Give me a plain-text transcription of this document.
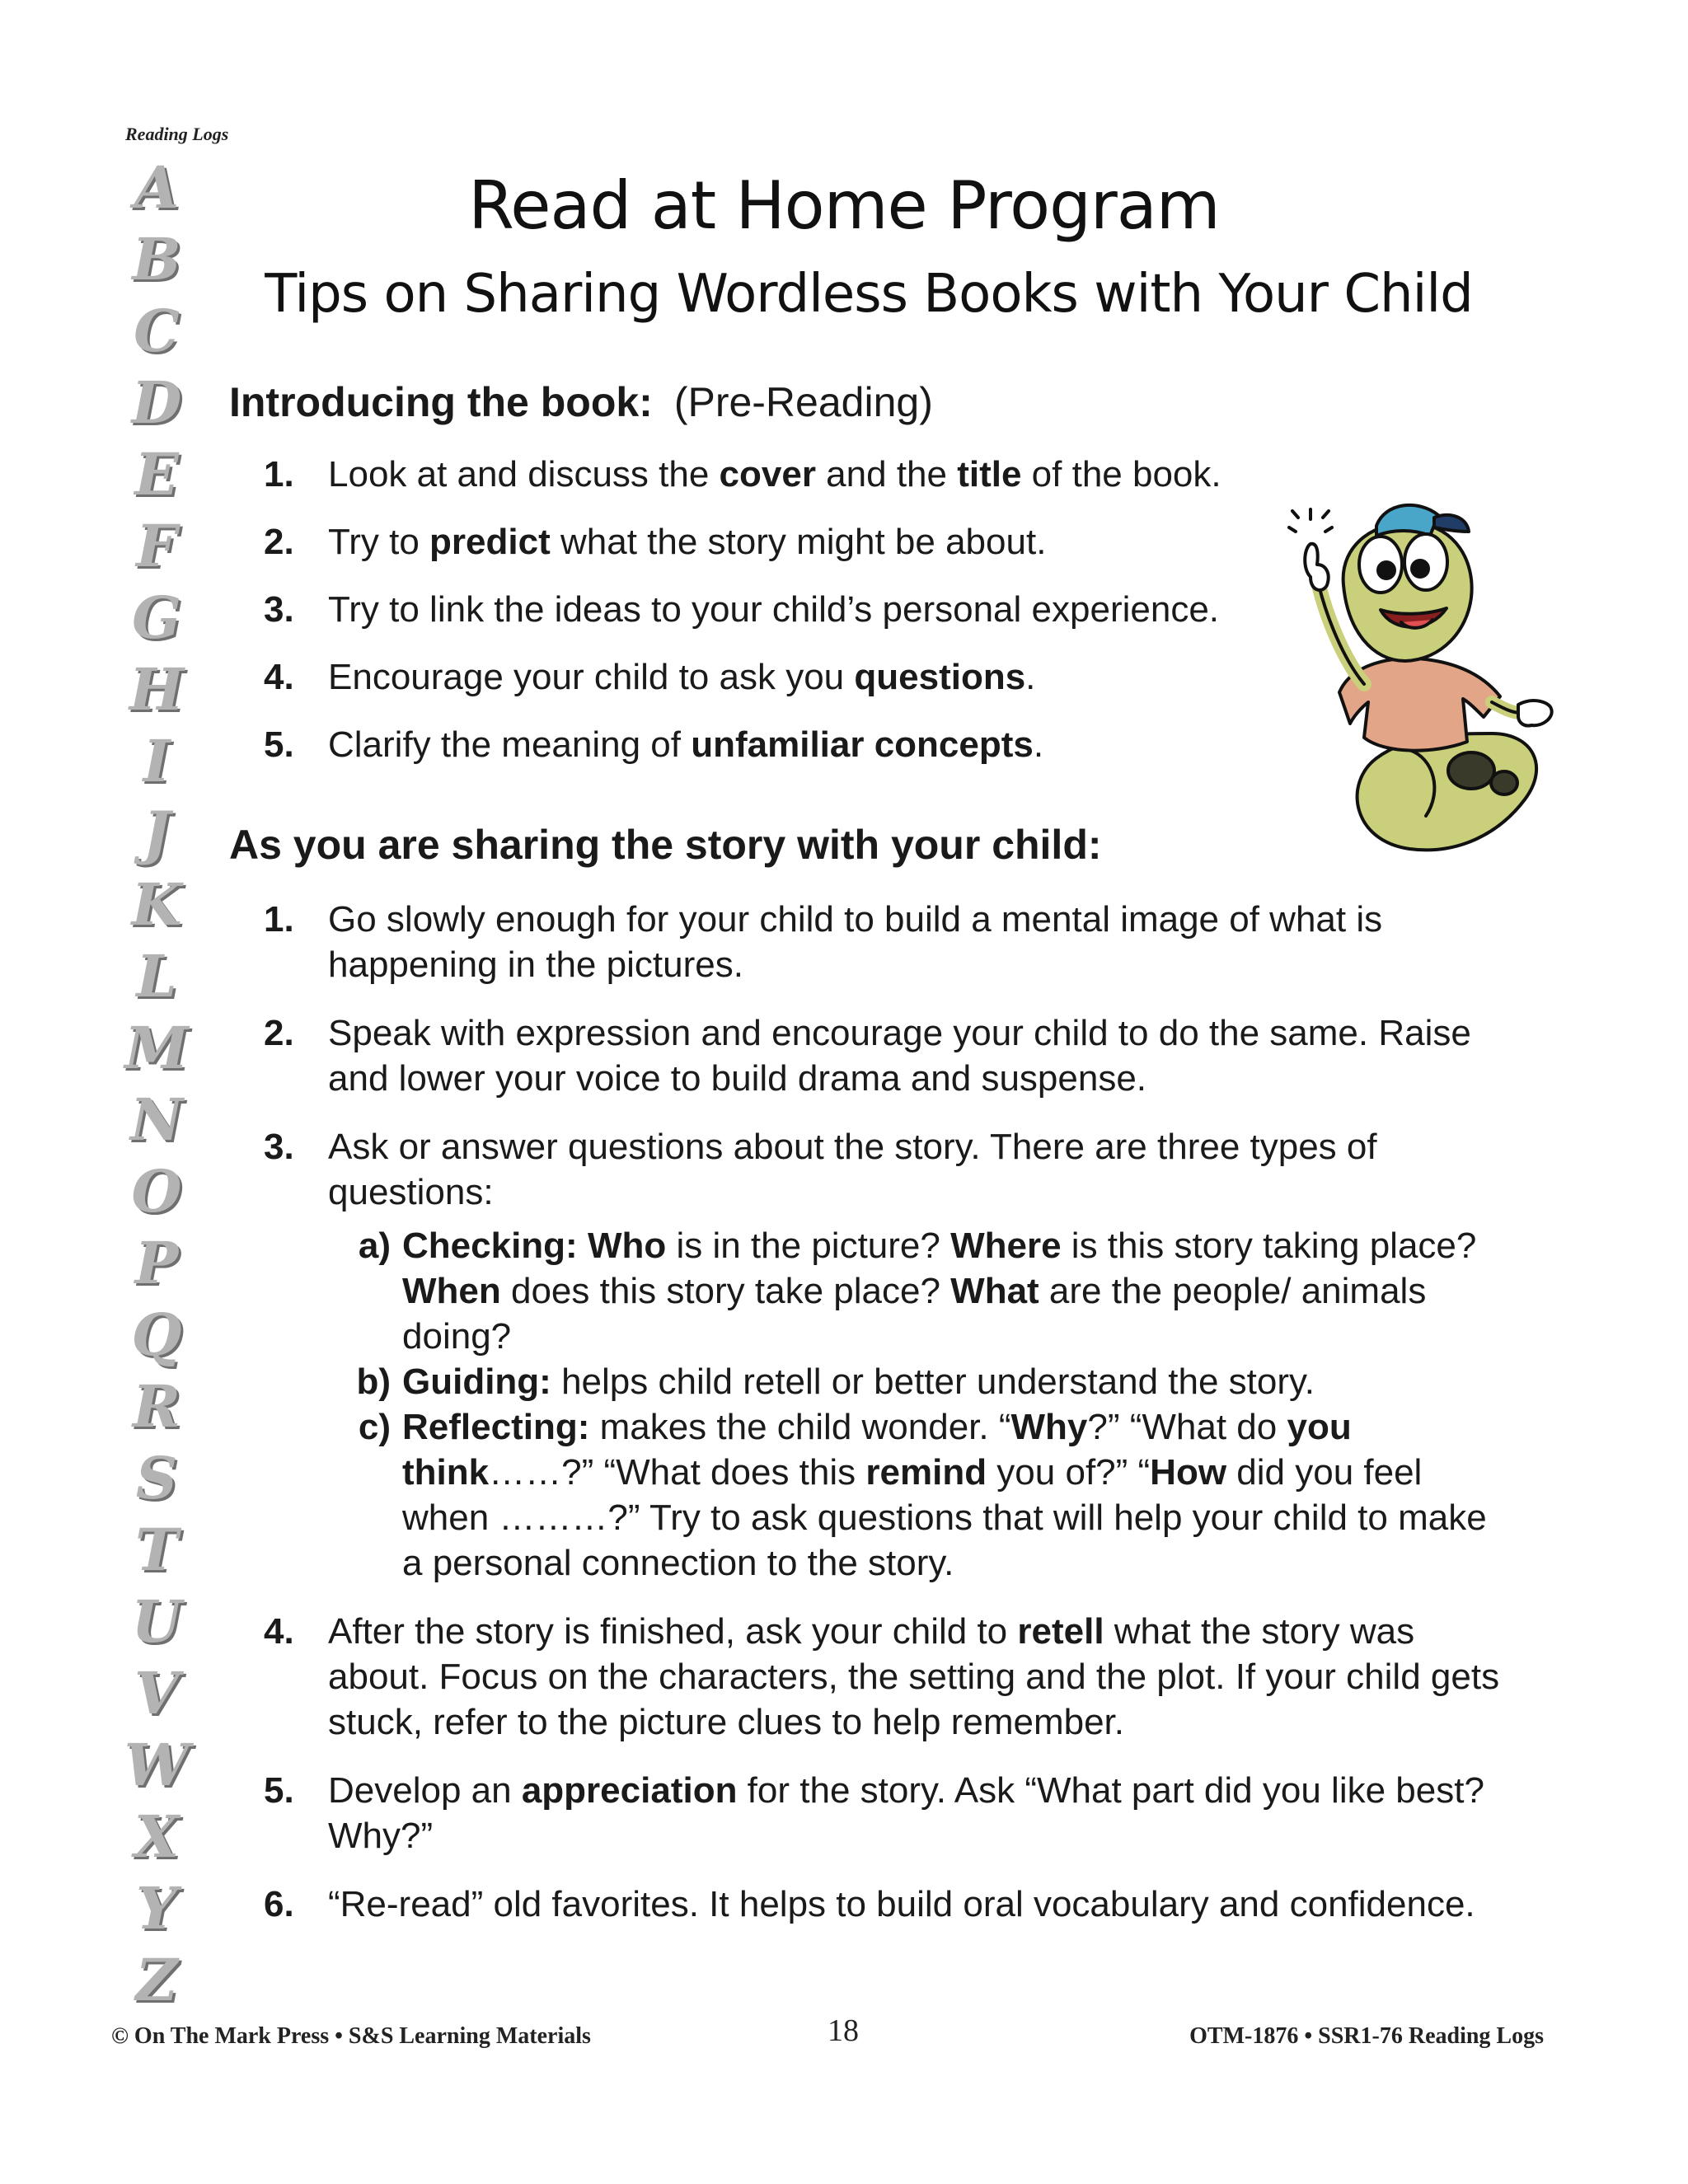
Reading Logs
A
B
C
D
E
F
G
H
I
J
K
L
M
N
O
P
Q
R
S
T
U
V
W
X
Y
Z
Read at Home Program
Tips on Sharing Wordless Books with Your Child
Introducing the book: (Pre-Reading)
1. Look at and discuss the cover and the title of the book.
2. Try to predict what the story might be about.
3. Try to link the ideas to your child’s personal experience.
4. Encourage your child to ask you questions.
5. Clarify the meaning of unfamiliar concepts.
As you are sharing the story with your child:
1. Go slowly enough for your child to build a mental image of what is happening in the pictures.
2. Speak with expression and encourage your child to do the same. Raise and lower your voice to build drama and suspense.
3. Ask or answer questions about the story. There are three types of questions:
a) Checking: Who is in the picture? Where is this story taking place? When does this story take place? What are the people/ animals doing?
b) Guiding: helps child retell or better understand the story.
c) Reflecting: makes the child wonder. “Why?” “What do you think……?” “What does this remind you of?” “How did you feel when ………?” Try to ask questions that will help your child to make a personal connection to the story.
4. After the story is finished, ask your child to retell what the story was about. Focus on the characters, the setting and the plot. If your child gets stuck, refer to the picture clues to help remember.
5. Develop an appreciation for the story. Ask “What part did you like best? Why?”
6. “Re-read” old favorites. It helps to build oral vocabulary and confidence.
© On The Mark Press • S&S Learning Materials	18	OTM-1876 • SSR1-76 Reading Logs
